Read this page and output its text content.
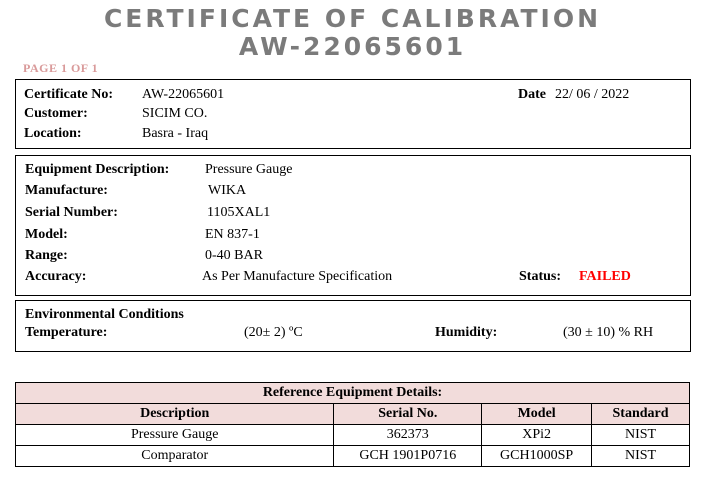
CERTIFICATE OF CALIBRATION
AW-22065601
PAGE 1 OF 1
Certificate No: AW-22065601	Date 22/ 06 / 2022
Customer:	SICIM CO.
Location:	Basra - Iraq
Equipment Description:	Pressure Gauge
Manufacture:	WIKA
Serial Number:	1105XAL1
Model:	EN 837-1
Range:	0-40 BAR
Accuracy:	As Per Manufacture Specification	Status: FAILED
Environmental Conditions
Temperature:	(20± 2) ºC	Humidity:	(30 ± 10) % RH
Reference Equipment Details:			
Description	Serial No.	Model	Standard
Pressure Gauge	362373	XPi2	NIST
Comparator	GCH 1901P0716	GCH1000SP	NIST
